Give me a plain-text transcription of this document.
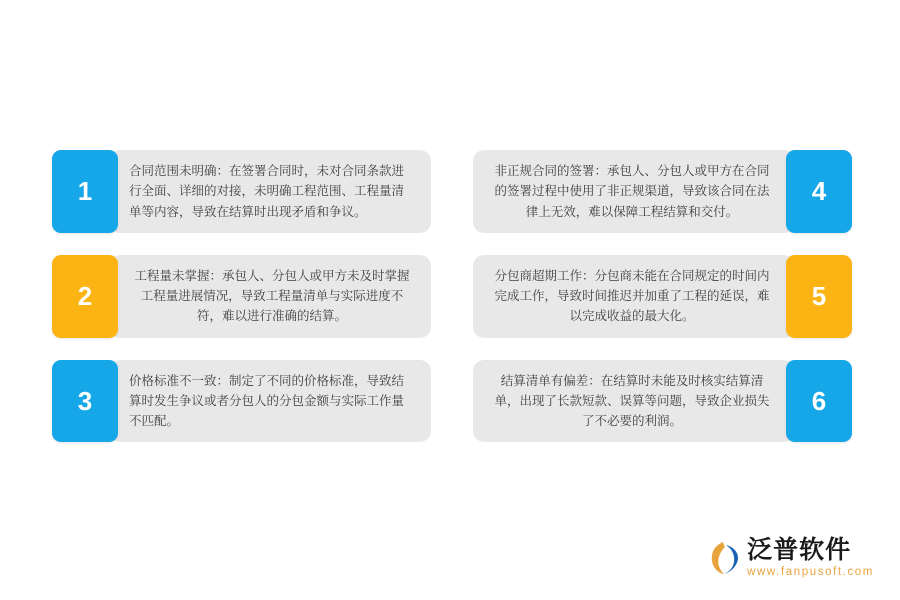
1
合同范围未明确：在签署合同时，未对合同条款进行全面、详细的对接，未明确工程范围、工程量清单等内容，导致在结算时出现矛盾和争议。
2
工程量未掌握：承包人、分包人或甲方未及时掌握工程量进展情况，导致工程量清单与实际进度不符，难以进行准确的结算。
3
价格标准不一致：制定了不同的价格标准，导致结算时发生争议或者分包人的分包金额与实际工作量不匹配。
4
非正规合同的签署：承包人、分包人或甲方在合同的签署过程中使用了非正规渠道，导致该合同在法律上无效，难以保障工程结算和交付。
5
分包商超期工作：分包商未能在合同规定的时间内完成工作，导致时间推迟并加重了工程的延误，难以完成收益的最大化。
6
结算清单有偏差：在结算时未能及时核实结算清单，出现了长款短款、误算等问题，导致企业损失了不必要的利润。
泛普软件
www.fanpusoft.com
